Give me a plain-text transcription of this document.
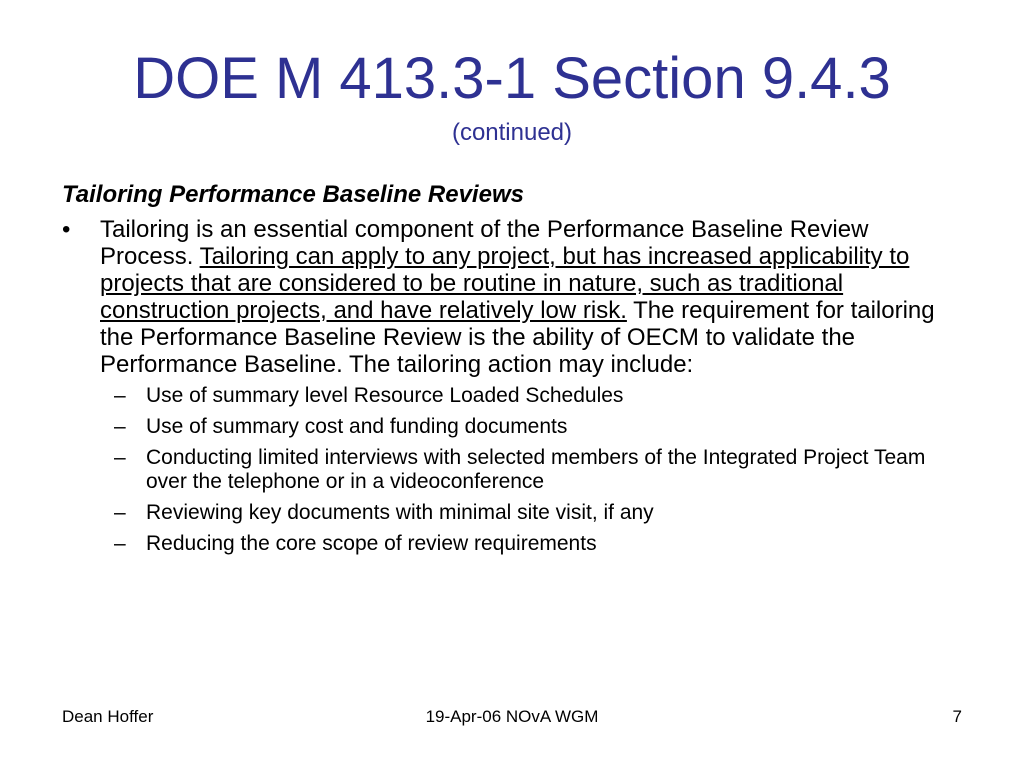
DOE M 413.3-1 Section 9.4.3
(continued)

Tailoring Performance Baseline Reviews

• Tailoring is an essential component of the Performance Baseline Review Process. Tailoring can apply to any project, but has increased applicability to projects that are considered to be routine in nature, such as traditional construction projects, and have relatively low risk. The requirement for tailoring the Performance Baseline Review is the ability of OECM to validate the Performance Baseline. The tailoring action may include:
– Use of summary level Resource Loaded Schedules
– Use of summary cost and funding documents
– Conducting limited interviews with selected members of the Integrated Project Team over the telephone or in a videoconference
– Reviewing key documents with minimal site visit, if any
– Reducing the core scope of review requirements
Dean Hoffer	19-Apr-06 NOvA WGM	7
